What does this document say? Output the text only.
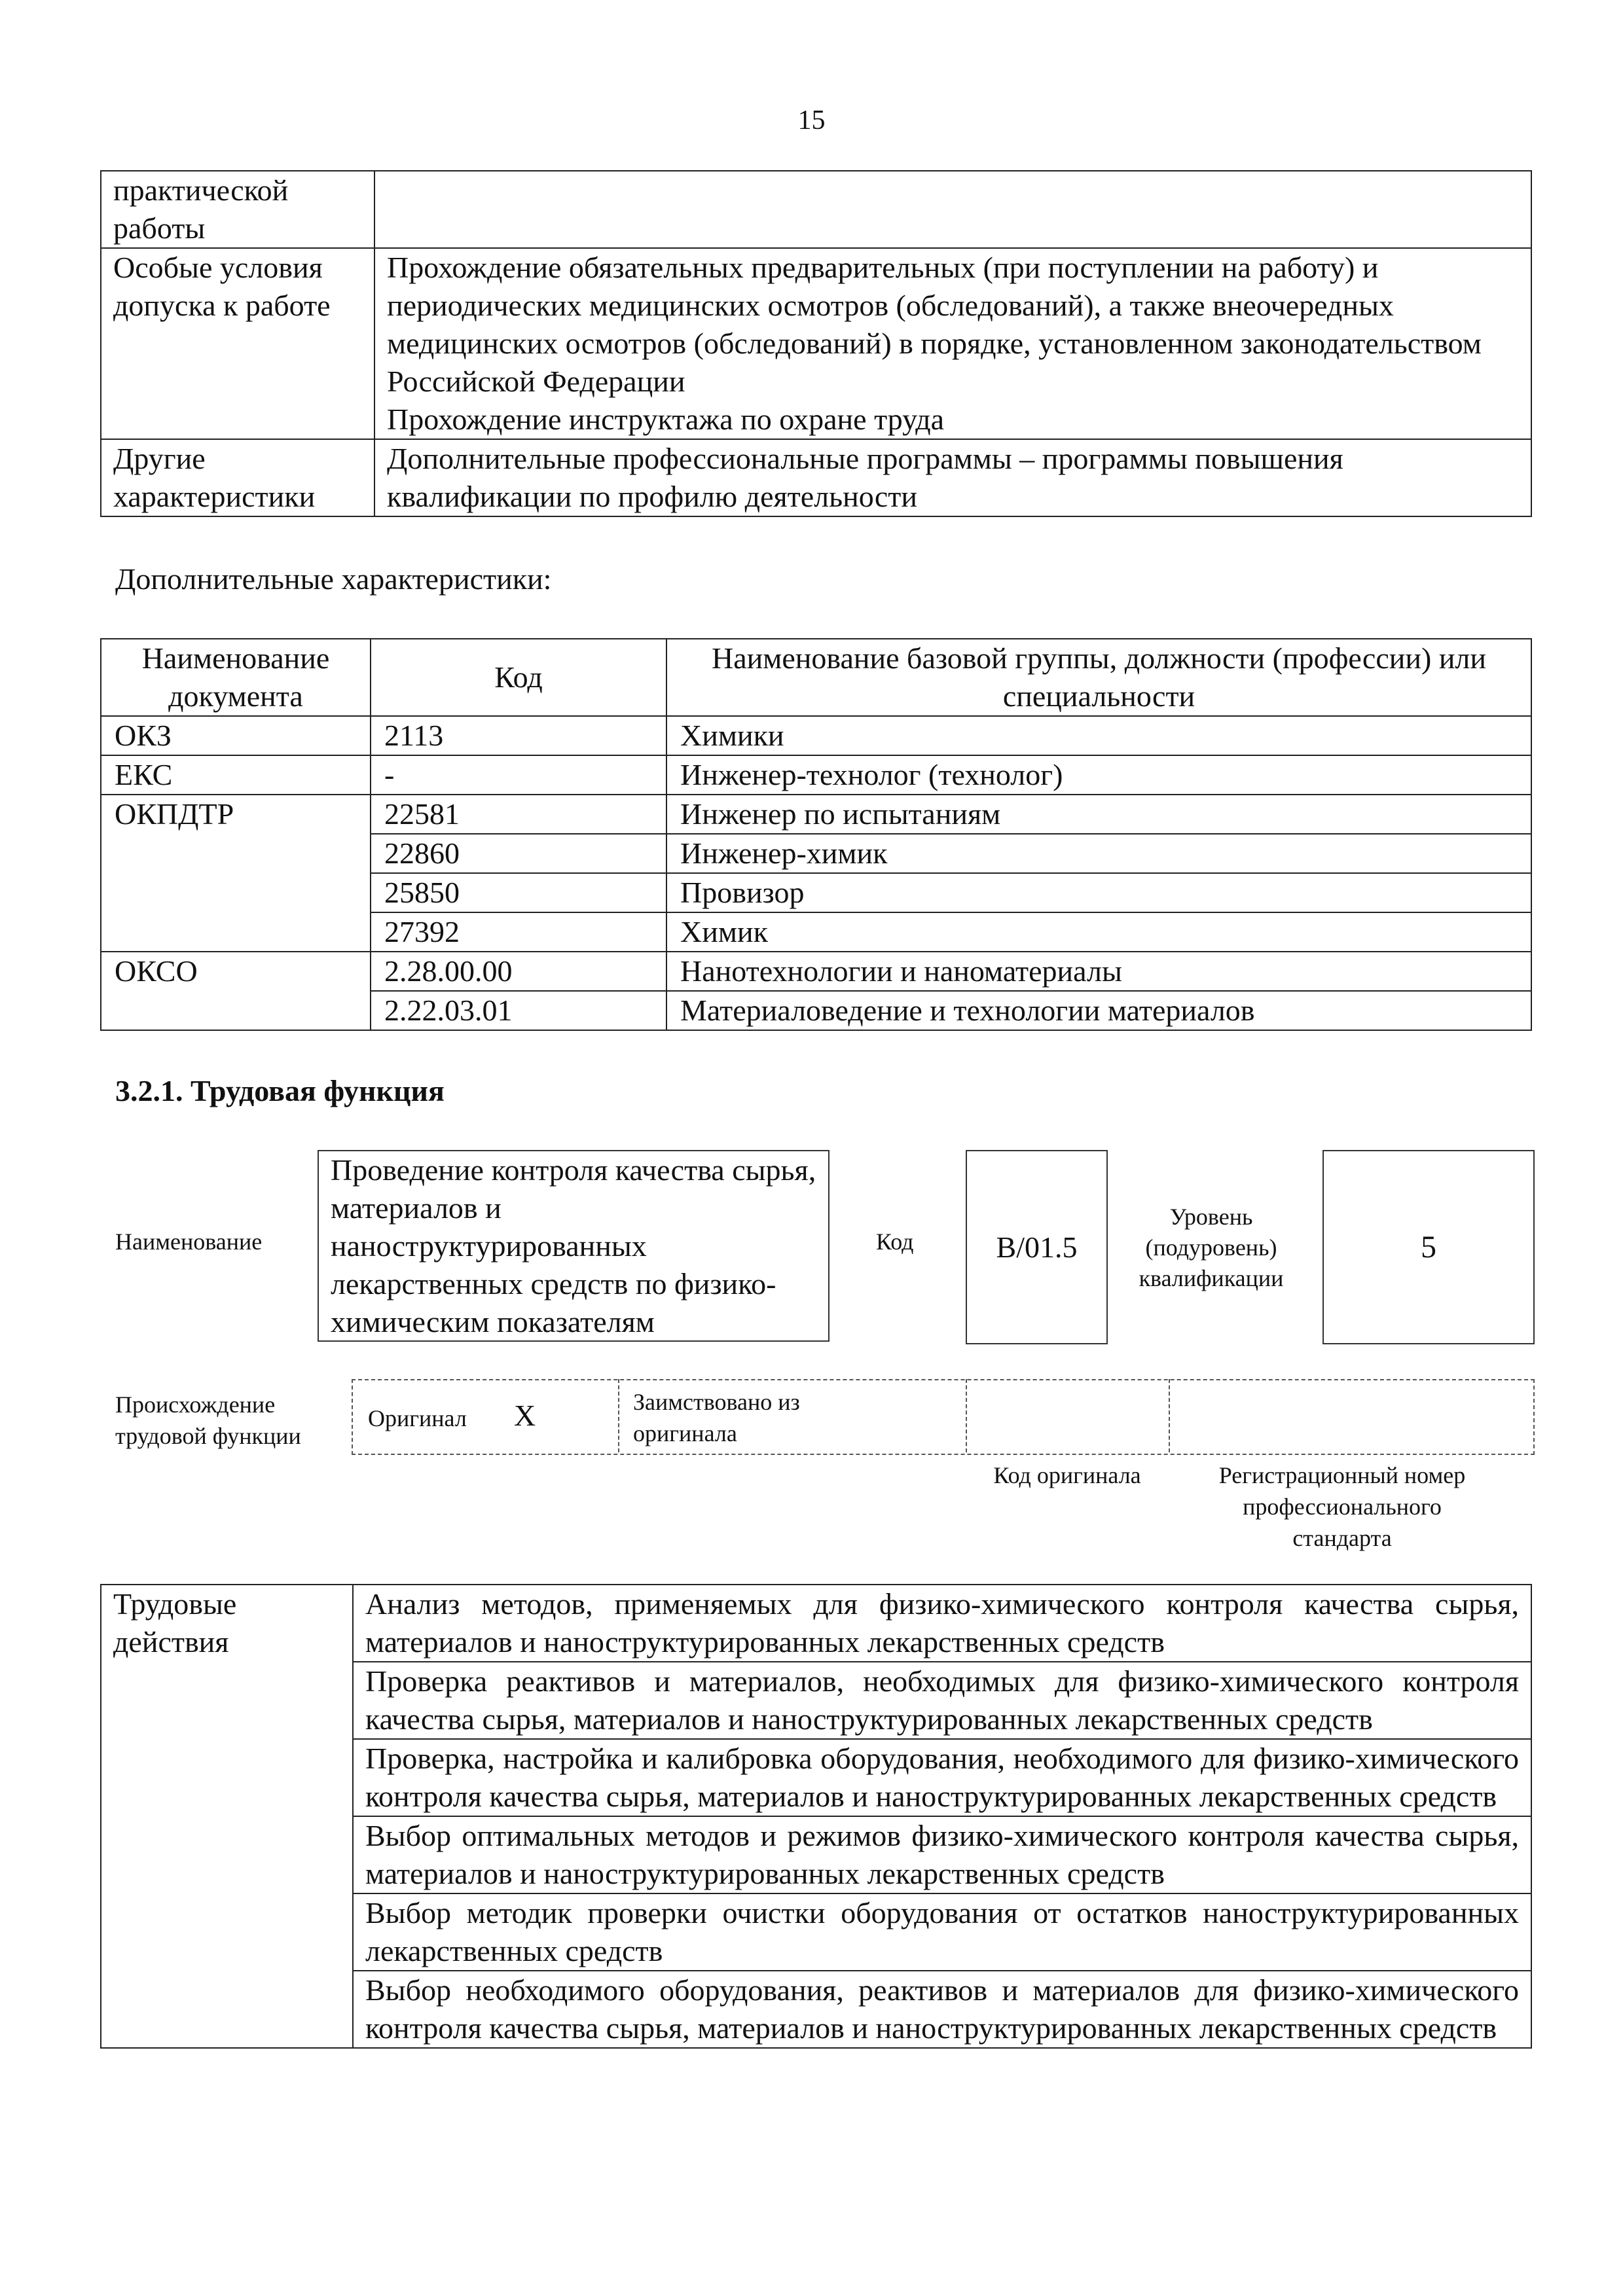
15
практической работы	
Особые условия допуска к работе	Прохождение обязательных предварительных (при поступлении на работу) и периодических медицинских осмотров (обследований), а также внеочередных медицинских осмотров (обследований) в порядке, установленном законодательством Российской Федерации
Прохождение инструктажа по охране труда

Другие характеристики	Дополнительные профессиональные программы – программы повышения квалификации по профилю деятельности
Дополнительные характеристики:
Наименование документа	Код	Наименование базовой группы, должности (профессии) или специальности
ОКЗ	2113	Химики
ЕКС	-	Инженер-технолог (технолог)
ОКПДТР	22581	Инженер по испытаниям
	22860	Инженер-химик
	25850	Провизор
	27392	Химик
ОКСО	2.28.00.00	Нанотехнологии и наноматериалы
	2.22.03.01	Материаловедение и технологии материалов
3.2.1. Трудовая функция
Наименование
Проведение контроля качества сырья, материалов и наноструктурированных лекарственных средств по физико-химическим показателям
Код	B/01.5
Уровень (подуровень) квалификации
5
Происхождение трудовой функции
Оригинал X	Заимствовано из оригинала
Код оригинала	Регистрационный номер профессионального стандарта
Трудовые действия	Анализ методов, применяемых для физико-химического контроля качества сырья, материалов и наноструктурированных лекарственных средств
Проверка реактивов и материалов, необходимых для физико-химического контроля качества сырья, материалов и наноструктурированных лекарственных средств
Проверка, настройка и калибровка оборудования, необходимого для физико-химического контроля качества сырья, материалов и наноструктурированных лекарственных средств
Выбор оптимальных методов и режимов физико-химического контроля качества сырья, материалов и наноструктурированных лекарственных средств
Выбор методик проверки очистки оборудования от остатков наноструктурированных лекарственных средств
Выбор необходимого оборудования, реактивов и материалов для физико-химического контроля качества сырья, материалов и наноструктурированных лекарственных средств
